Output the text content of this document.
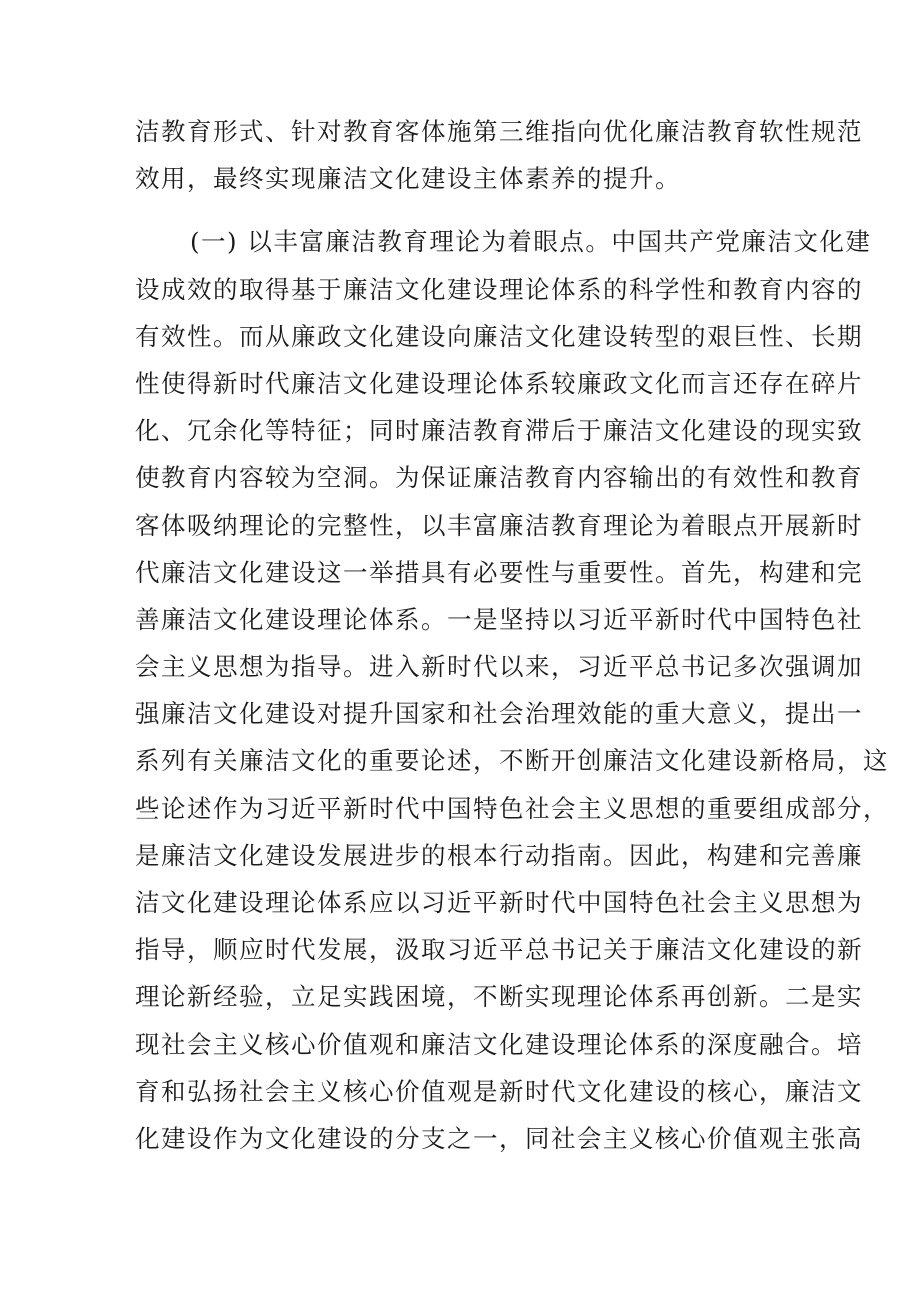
洁教育形式、针对教育客体施第三维指向优化廉洁教育软性规范
效用，最终实现廉洁文化建设主体素养的提升。
(一) 以丰富廉洁教育理论为着眼点。中国共产党廉洁文化建
设成效的取得基于廉洁文化建设理论体系的科学性和教育内容的
有效性。而从廉政文化建设向廉洁文化建设转型的艰巨性、长期
性使得新时代廉洁文化建设理论体系较廉政文化而言还存在碎片
化、冗余化等特征；同时廉洁教育滞后于廉洁文化建设的现实致
使教育内容较为空洞。为保证廉洁教育内容输出的有效性和教育
客体吸纳理论的完整性，以丰富廉洁教育理论为着眼点开展新时
代廉洁文化建设这一举措具有必要性与重要性。首先，构建和完
善廉洁文化建设理论体系。一是坚持以习近平新时代中国特色社
会主义思想为指导。进入新时代以来，习近平总书记多次强调加
强廉洁文化建设对提升国家和社会治理效能的重大意义，提出一
系列有关廉洁文化的重要论述，不断开创廉洁文化建设新格局，这
些论述作为习近平新时代中国特色社会主义思想的重要组成部分，
是廉洁文化建设发展进步的根本行动指南。因此，构建和完善廉
洁文化建设理论体系应以习近平新时代中国特色社会主义思想为
指导，顺应时代发展，汲取习近平总书记关于廉洁文化建设的新
理论新经验，立足实践困境，不断实现理论体系再创新。二是实
现社会主义核心价值观和廉洁文化建设理论体系的深度融合。培
育和弘扬社会主义核心价值观是新时代文化建设的核心，廉洁文
化建设作为文化建设的分支之一，同社会主义核心价值观主张高
